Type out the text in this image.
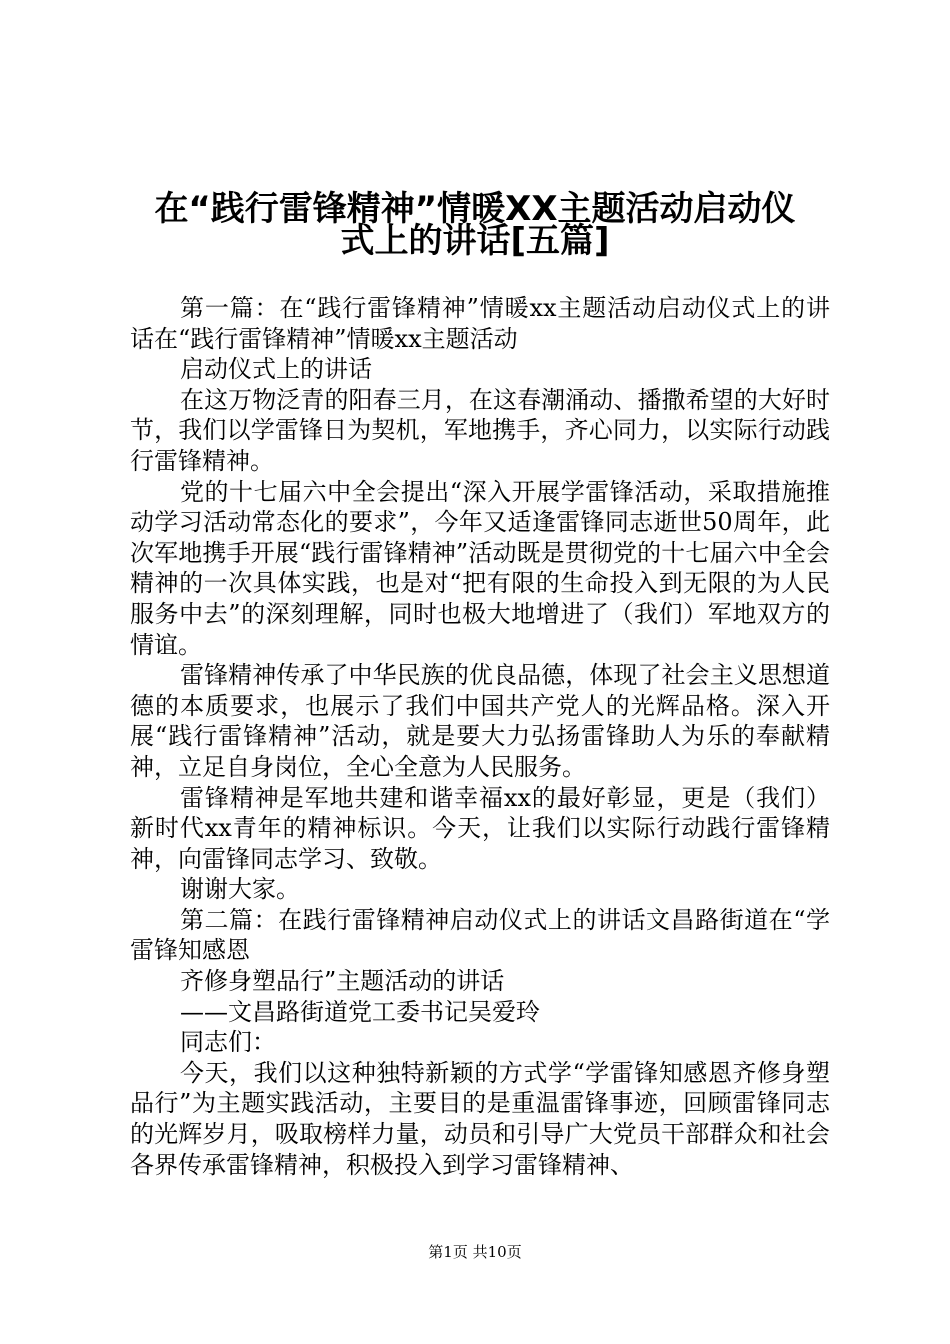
在“践行雷锋精神”情暖XX主题活动启动仪
式上的讲话[五篇]

第一篇：在“践行雷锋精神”情暖xx主题活动启动仪式上的讲话在“践行雷锋精神”情暖xx主题活动

启动仪式上的讲话

在这万物泛青的阳春三月，在这春潮涌动、播撒希望的大好时节，我们以学雷锋日为契机，军地携手，齐心同力，以实际行动践行雷锋精神。

党的十七届六中全会提出“深入开展学雷锋活动，采取措施推动学习活动常态化的要求”，今年又适逢雷锋同志逝世50周年，此次军地携手开展“践行雷锋精神”活动既是贯彻党的十七届六中全会精神的一次具体实践，也是对“把有限的生命投入到无限的为人民服务中去”的深刻理解，同时也极大地增进了（我们）军地双方的情谊。

雷锋精神传承了中华民族的优良品德，体现了社会主义思想道德的本质要求，也展示了我们中国共产党人的光辉品格。深入开展“践行雷锋精神”活动，就是要大力弘扬雷锋助人为乐的奉献精神，立足自身岗位，全心全意为人民服务。

雷锋精神是军地共建和谐幸福xx的最好彰显，更是（我们）新时代xx青年的精神标识。今天，让我们以实际行动践行雷锋精神，向雷锋同志学习、致敬。

谢谢大家。

第二篇：在践行雷锋精神启动仪式上的讲话文昌路街道在“学雷锋知感恩

齐修身塑品行”主题活动的讲话

——文昌路街道党工委书记吴爱玲

同志们：

今天，我们以这种独特新颖的方式学“学雷锋知感恩齐修身塑品行”为主题实践活动，主要目的是重温雷锋事迹，回顾雷锋同志的光辉岁月，吸取榜样力量，动员和引导广大党员干部群众和社会各界传承雷锋精神，积极投入到学习雷锋精神、

第1页 共10页
